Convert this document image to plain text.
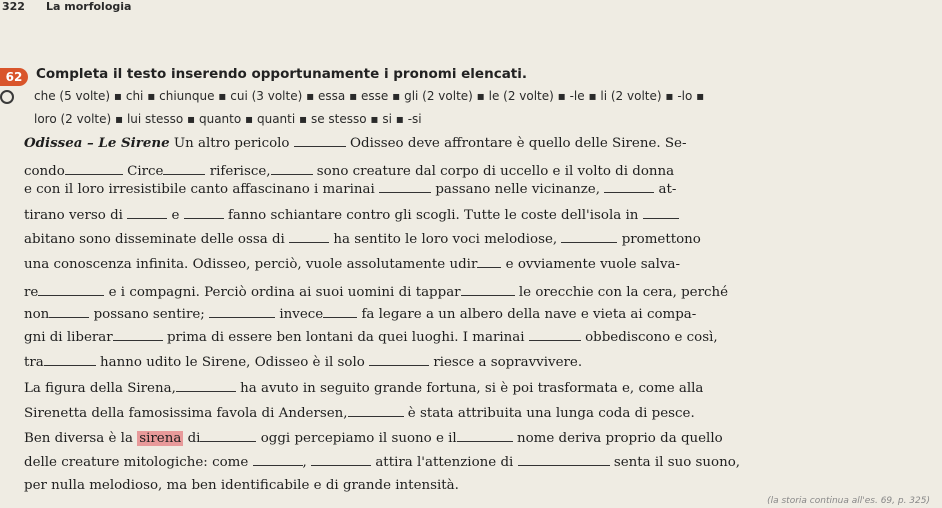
322 La morfologia
62	Completa il testo inserendo opportunamente i pronomi elencati.
che (5 volte) ▪ chi ▪ chiunque ▪ cui (3 volte) ▪ essa ▪ esse ▪ gli (2 volte) ▪ le (2 volte) ▪ -le ▪ li (2 volte) ▪ -lo ▪
loro (2 volte) ▪ lui stesso ▪ quanto ▪ quanti ▪ se stesso ▪ si ▪ -si
Odissea – Le Sirene Un altro pericolo	Odisseo deve affrontare è quello delle Sirene. Se-
condo	Circe	riferisce,	sono creature dal corpo di uccello e il volto di donna
e con il loro irresistibile canto affascinano i marinai	passano nelle vicinanze,	at-
tirano verso di	e	fanno schiantare contro gli scogli. Tutte le coste dell'isola in
abitano sono disseminate delle ossa di	ha sentito le loro voci melodiose,	promettono
una conoscenza infinita. Odisseo, perciò, vuole assolutamente udir e ovviamente vuole salva-
re	e i compagni. Perciò ordina ai suoi uomini di tappar	le orecchie con la cera, perché
non	possano sentire;	invece	fa legare a un albero della nave e vieta ai compa-
gni di liberar	prima di essere ben lontani da quei luoghi. I marinai	obbediscono e così,
tra	hanno udito le Sirene, Odisseo è il solo	riesce a sopravvivere.
La figura della Sirena,	ha avuto in seguito grande fortuna, si è poi trasformata e, come alla
Sirenetta della famosissima favola di Andersen,	è stata attribuita una lunga coda di pesce.
Ben diversa è la sirena di	oggi percepiamo il suono e il	nome deriva proprio da quello
delle creature mitologiche: come	,	attira l'attenzione di	senta il suo suono,
per nulla melodioso, ma ben identificabile e di grande intensità.
(la storia continua all'es. 69, p. 325)
